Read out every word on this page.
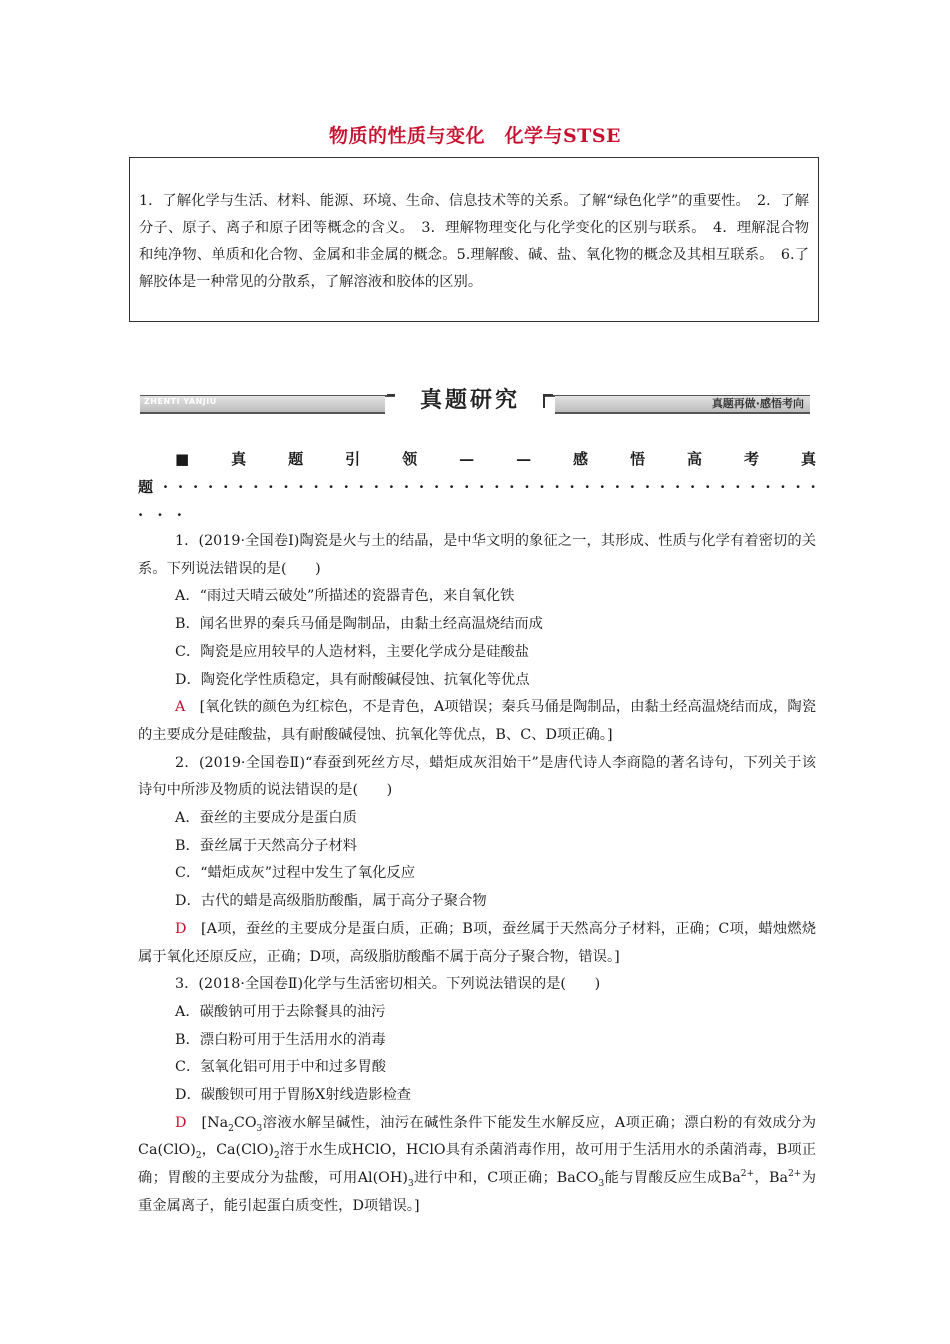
物质的性质与变化　化学与STSE

1．了解化学与生活、材料、能源、环境、生命、信息技术等的关系。了解“绿色化学”的重要性。　2．了解分子、原子、离子和原子团等概念的含义。　3．理解物理变化与化学变化的区别与联系。　4．理解混合物和纯净物、单质和化合物、金属和非金属的概念。5.理解酸、碱、盐、氧化物的概念及其相互联系。　6.了解胶体是一种常见的分散系，了解溶液和胶体的区别。

ZHENTI YANJIU	真题研究	真题再做·感悟考向
■	真	题	引	领	—	—	感	悟	高	考	真
题 · · · · · · · · · · · · · · · · · · · · · · · · · · · · · · · · · · · · · · · · · · · ·
· · ·

1．(2019·全国卷Ⅰ)陶瓷是火与土的结晶，是中华文明的象征之一，其形成、性质与化学有着密切的关系。下列说法错误的是(　　)

A．“雨过天晴云破处”所描述的瓷器青色，来自氧化铁

B．闻名世界的秦兵马俑是陶制品，由黏土经高温烧结而成

C．陶瓷是应用较早的人造材料，主要化学成分是硅酸盐

D．陶瓷化学性质稳定，具有耐酸碱侵蚀、抗氧化等优点

A　[氧化铁的颜色为红棕色，不是青色，A项错误；秦兵马俑是陶制品，由黏土经高温烧结而成，陶瓷的主要成分是硅酸盐，具有耐酸碱侵蚀、抗氧化等优点，B、C、D项正确。]

2．(2019·全国卷Ⅱ)“春蚕到死丝方尽，蜡炬成灰泪始干”是唐代诗人李商隐的著名诗句，下列关于该诗句中所涉及物质的说法错误的是(　　)

A．蚕丝的主要成分是蛋白质

B．蚕丝属于天然高分子材料

C．“蜡炬成灰”过程中发生了氧化反应

D．古代的蜡是高级脂肪酸酯，属于高分子聚合物

D　[A项，蚕丝的主要成分是蛋白质，正确；B项，蚕丝属于天然高分子材料，正确；C项，蜡烛燃烧属于氧化还原反应，正确；D项，高级脂肪酸酯不属于高分子聚合物，错误。]

3．(2018·全国卷Ⅱ)化学与生活密切相关。下列说法错误的是(　　)

A．碳酸钠可用于去除餐具的油污

B．漂白粉可用于生活用水的消毒

C．氢氧化铝可用于中和过多胃酸

D．碳酸钡可用于胃肠X射线造影检查

D　[$Na_2CO_3$溶液水解呈碱性，油污在碱性条件下能发生水解反应，A项正确；漂白粉的有效成分为$Ca(ClO)_2$，$Ca(ClO)_2$溶于水生成HClO，HClO具有杀菌消毒作用，故可用于生活用水的杀菌消毒，B项正确；胃酸的主要成分为盐酸，可用$Al(OH)_3$进行中和，C项正确；BaCO$_3$能与胃酸反应生成$Ba^{2+}$，$Ba^{2+}$为重金属离子，能引起蛋白质变性，D项错误。]
